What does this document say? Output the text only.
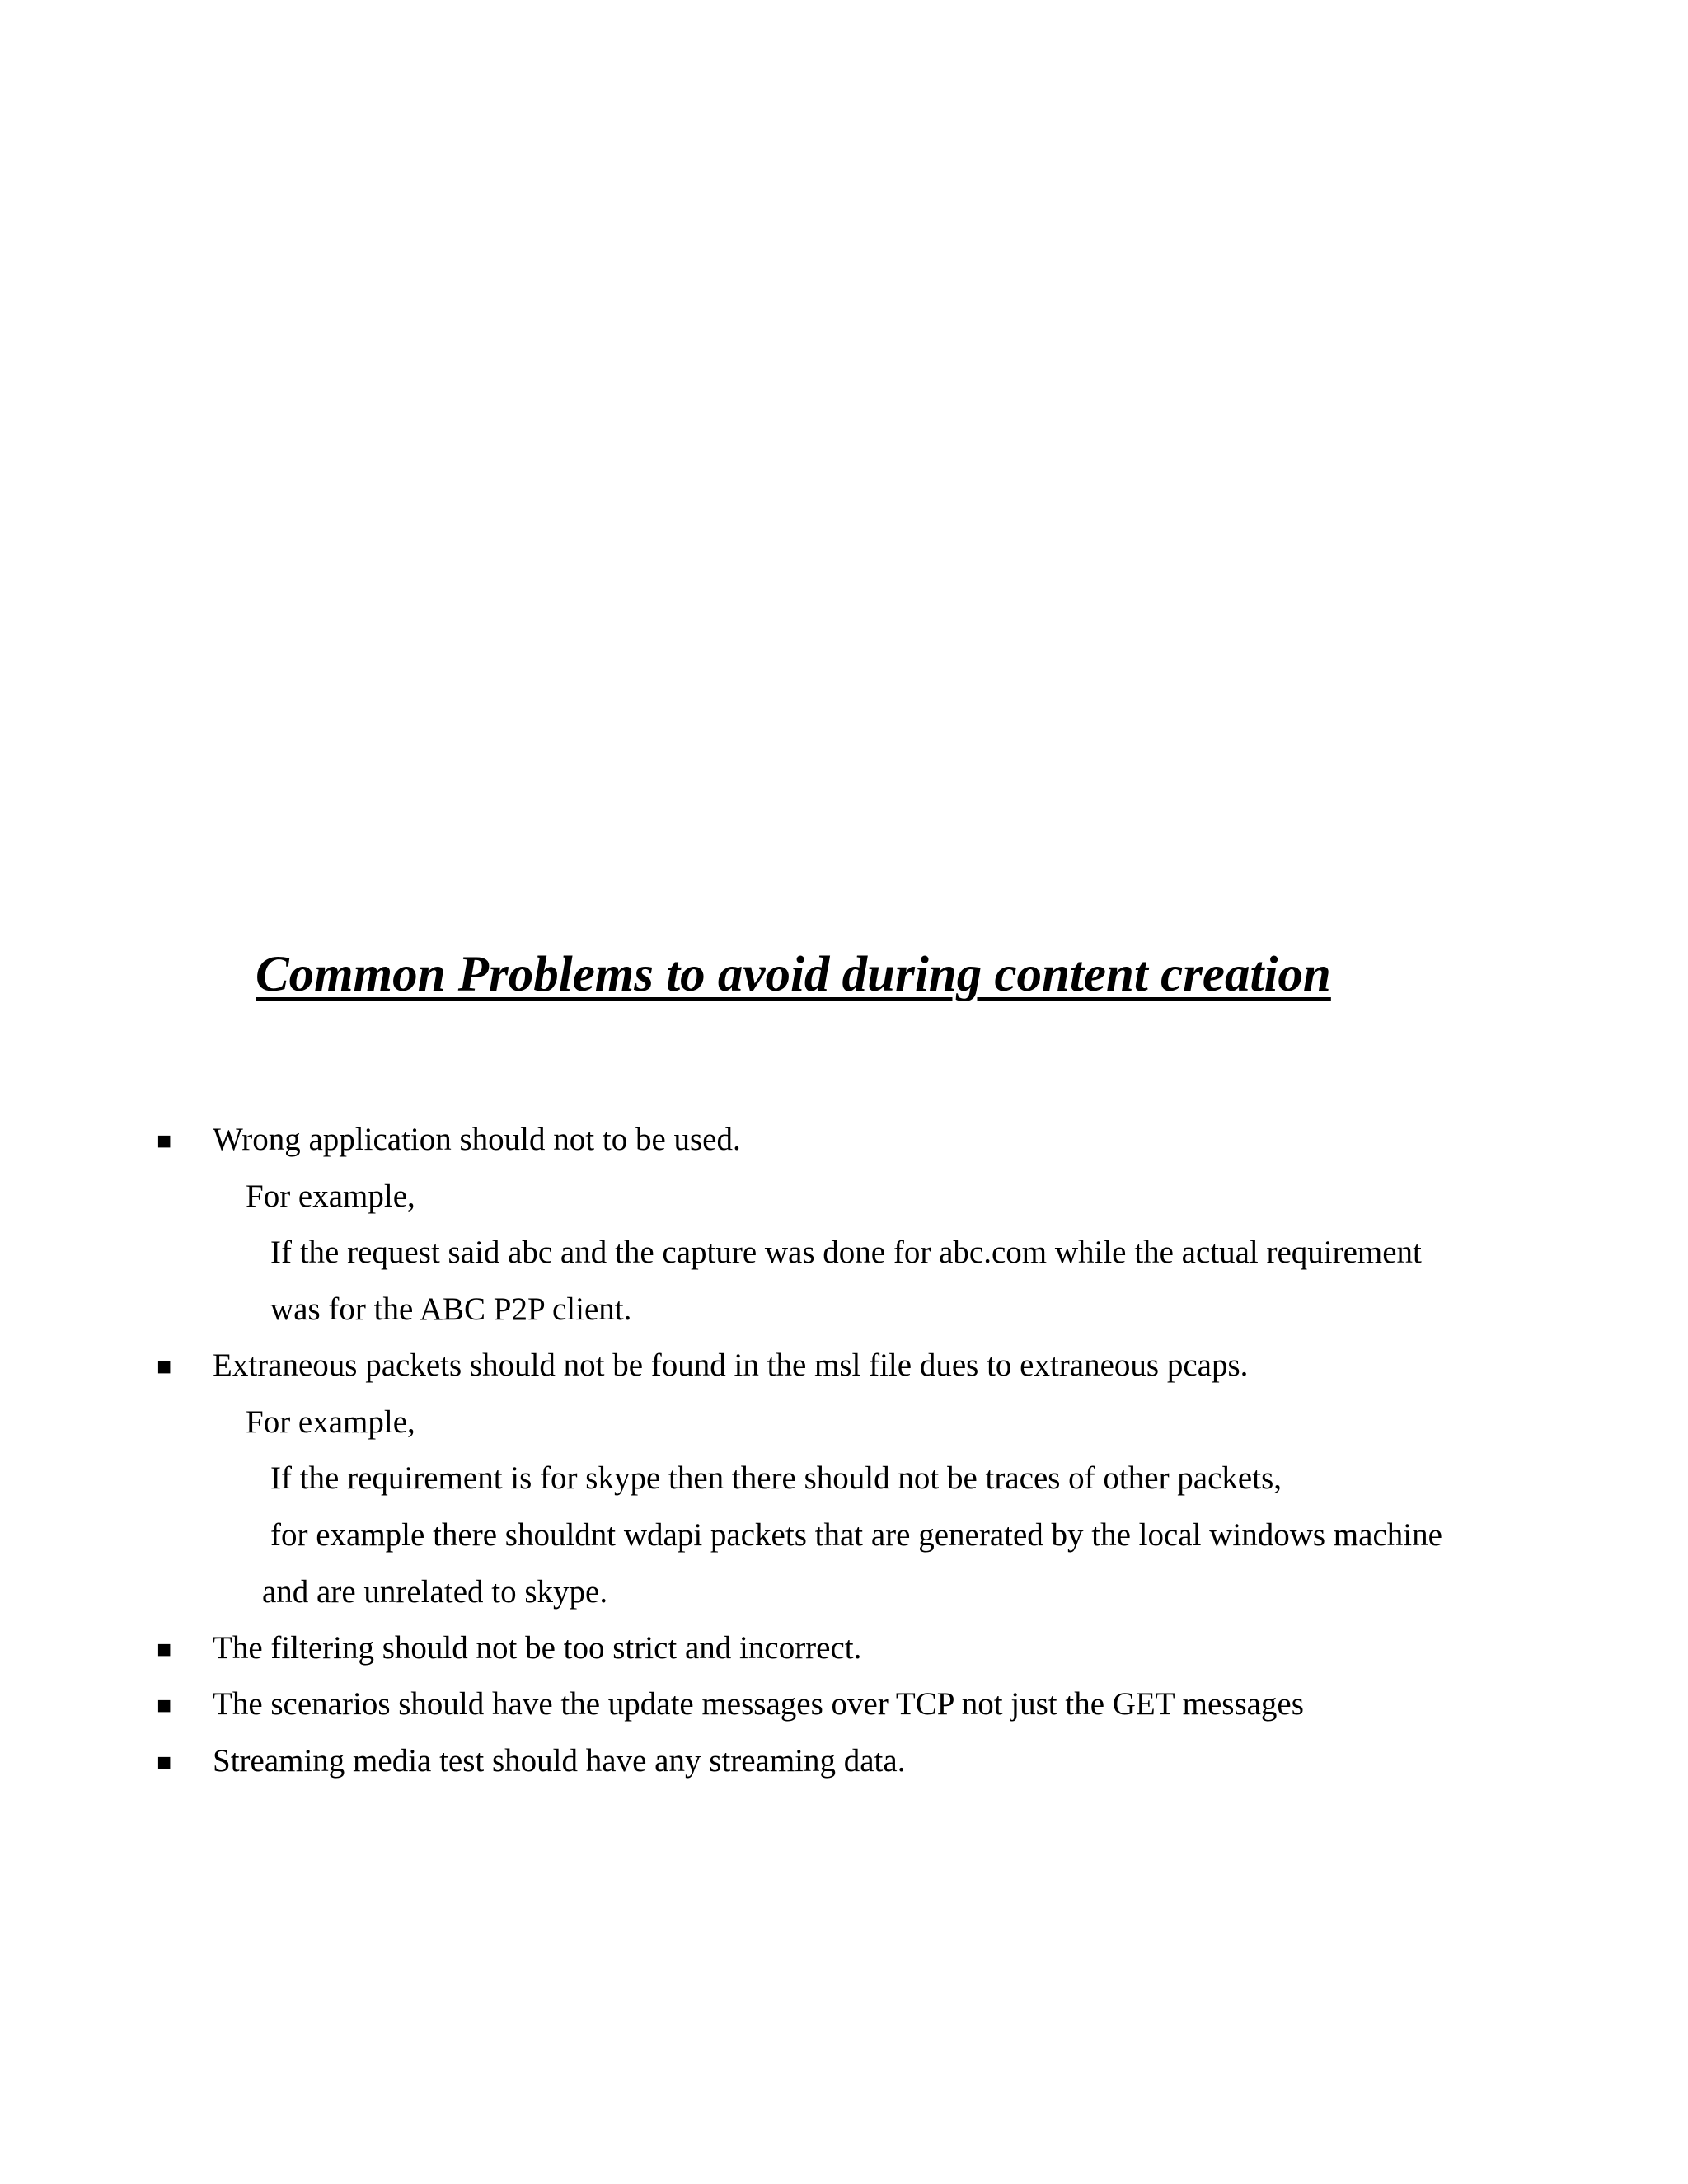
Common Problems to avoid during content creation
■ Wrong application should not to be used.

For example,

If the request said abc and the capture was done for abc.com while the actual requirement

was for the ABC P2P client.

■ Extraneous packets should not be found in the msl file dues to extraneous pcaps.

For example,

If the requirement is for skype then there should not be traces of other packets,

for example there shouldnt wdapi packets that are generated by the local windows machine

and are unrelated to skype.

■ The filtering should not be too strict and incorrect.

■ The scenarios should have the update messages over TCP not just the GET messages

■ Streaming media test should have any streaming data.
